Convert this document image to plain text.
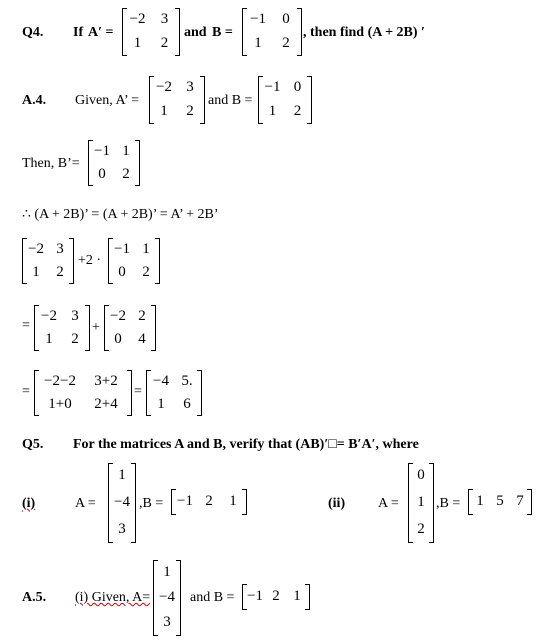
Q4. If A′ =
−2	3
1	2
and B =
−1	0
1	2
, then find (A + 2B) ′
A.4. Given, A’ =
−2 3
1	2
and B =
−1 0
1	2
Then, B’=
−1 1
0	2
∴ (A + 2B)’ = (A + 2B)’ = A’ + 2B’
−2 3
1	2
+2 ·
−1 1
0	2
=
−2 3
1	2
+
−2 2
0	4
=
−2−2	3+2
1+0	2+4
=
−4 5.
1	6
Q5. For the matrices A and B, verify that (AB)′□= B′A′, where
(i)	A =
1
−4
3
,B = −1 2	1	(ii) A =
0
1
2
,B =	1 5 7
A.5. (i) Given, A=
1
−4
3
and B = −1 2 1
